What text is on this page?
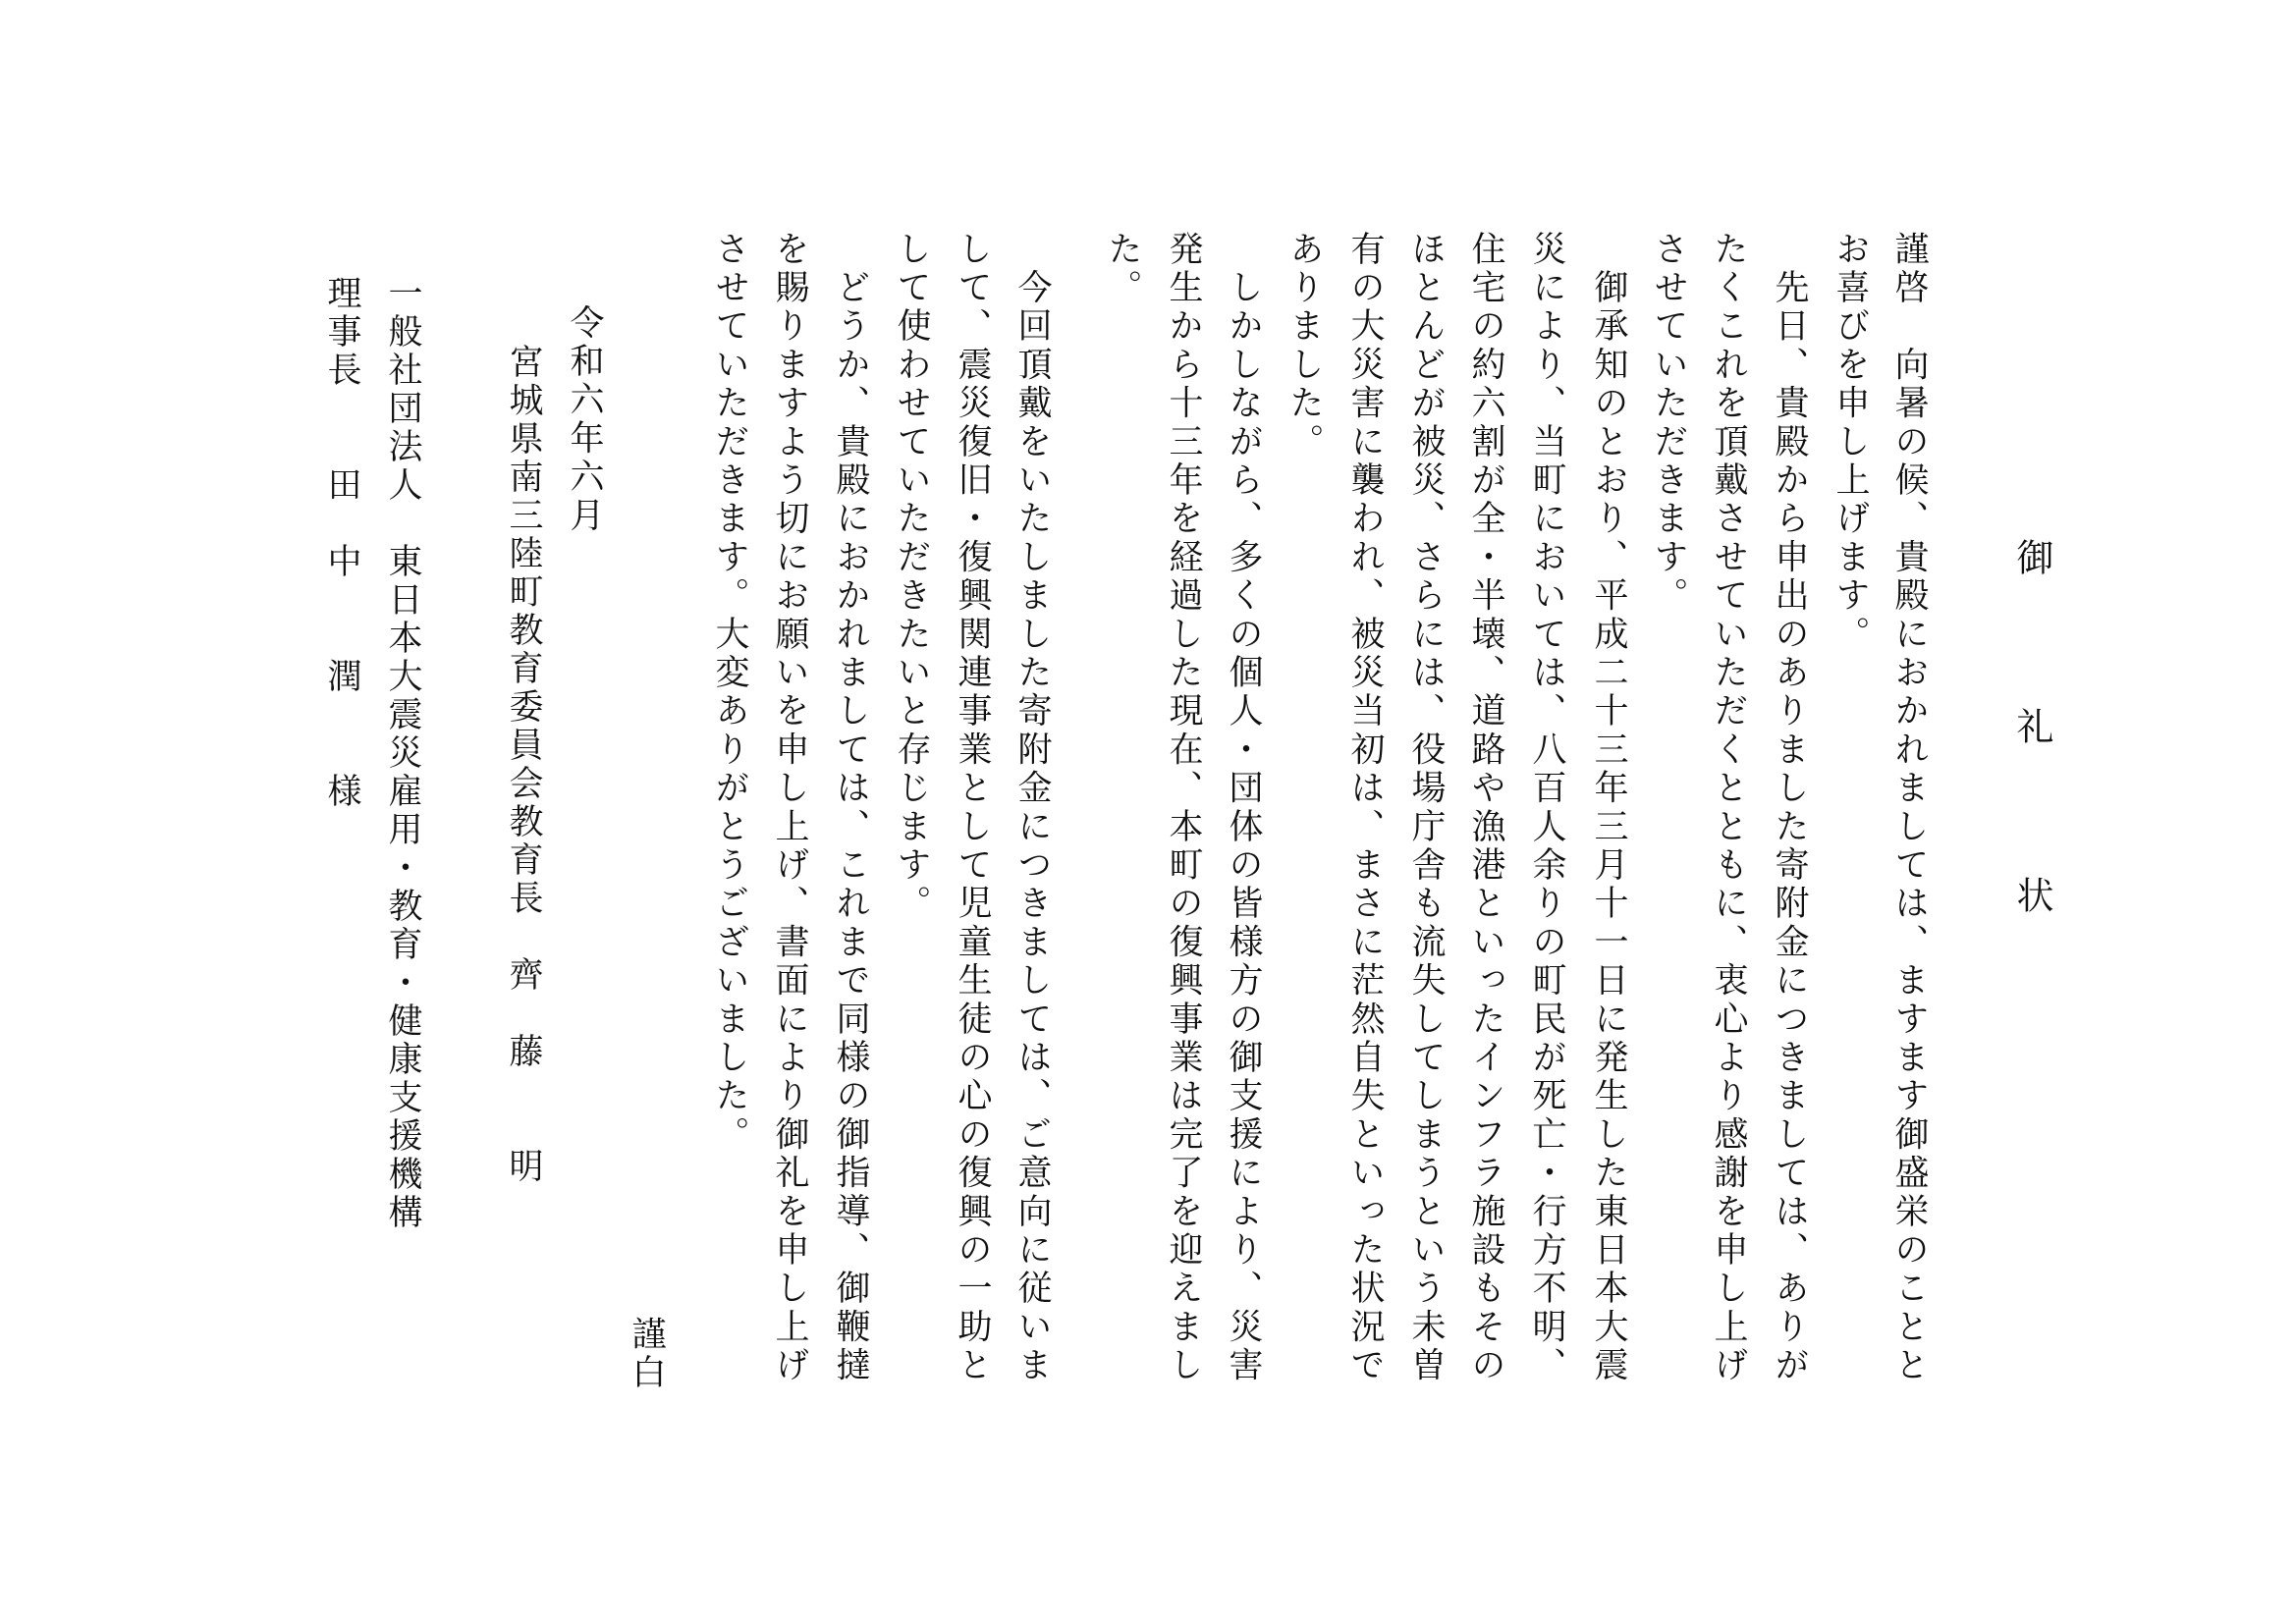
御　礼　状
謹啓　向暑の候、貴殿におかれましては、ますます御盛栄のことと
お喜びを申し上げます。
　先日、貴殿から申出のありました寄附金につきましては、ありが
たくこれを頂戴させていただくとともに、衷心より感謝を申し上げ
させていただきます。
　御承知のとおり、平成二十三年三月十一日に発生した東日本大震
災により、当町においては、八百人余りの町民が死亡・行方不明、
住宅の約六割が全・半壊、道路や漁港といったインフラ施設もその
ほとんどが被災、さらには、役場庁舎も流失してしまうという未曽
有の大災害に襲われ、被災当初は、まさに茫然自失といった状況で
ありました。
　しかしながら、多くの個人・団体の皆様方の御支援により、災害
発生から十三年を経過した現在、本町の復興事業は完了を迎えまし
た。
　今回頂戴をいたしました寄附金につきましては、ご意向に従いま
して、震災復旧・復興関連事業として児童生徒の心の復興の一助と
して使わせていただきたいと存じます。
　どうか、貴殿におかれましては、これまで同様の御指導、御鞭撻
を賜りますよう切にお願いを申し上げ、書面により御礼を申し上げ
させていただきます。大変ありがとうございました。
謹白
令和六年六月
宮城県南三陸町教育委員会教育長　齊　藤　　明
一般社団法人　東日本大震災雇用・教育・健康支援機構
理事長　　田　中　　潤　　様
